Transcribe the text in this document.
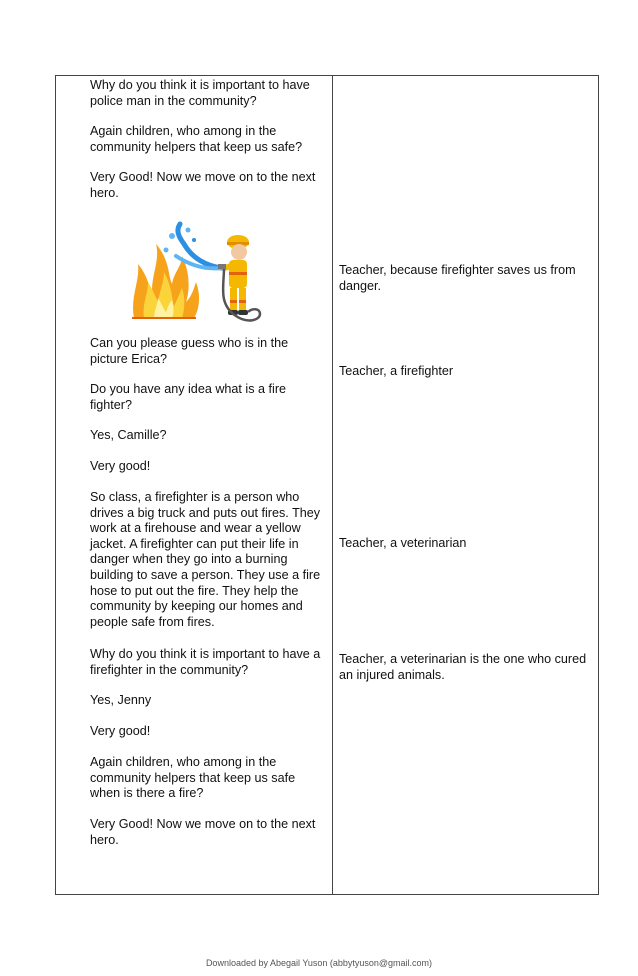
Why do you think it is important to have police man in the community?

Again children, who among in the community helpers that keep us safe?

Very Good! Now we move on to the next hero.

Can you please guess who is in the picture Erica?

Do you have any idea what is a fire fighter?

Yes, Camille?

Very good!

So class, a firefighter is a person who drives a big truck and puts out fires. They work at a firehouse and wear a yellow jacket. A firefighter can put their life in danger when they go into a burning building to save a person. They use a fire hose to put out the fire. They help the community by keeping our homes and people safe from fires.

Why do you think it is important to have a firefighter in the community?

Yes, Jenny

Very good!

Again children, who among in the community helpers that keep us safe when is there a fire?

Very Good! Now we move on to the next hero.

Teacher, because firefighter saves us from danger.

Teacher, a firefighter

Teacher, a veterinarian

Teacher, a veterinarian is the one who cured an injured animals.

Downloaded by Abegail Yuson (abbytyuson@gmail.com)
